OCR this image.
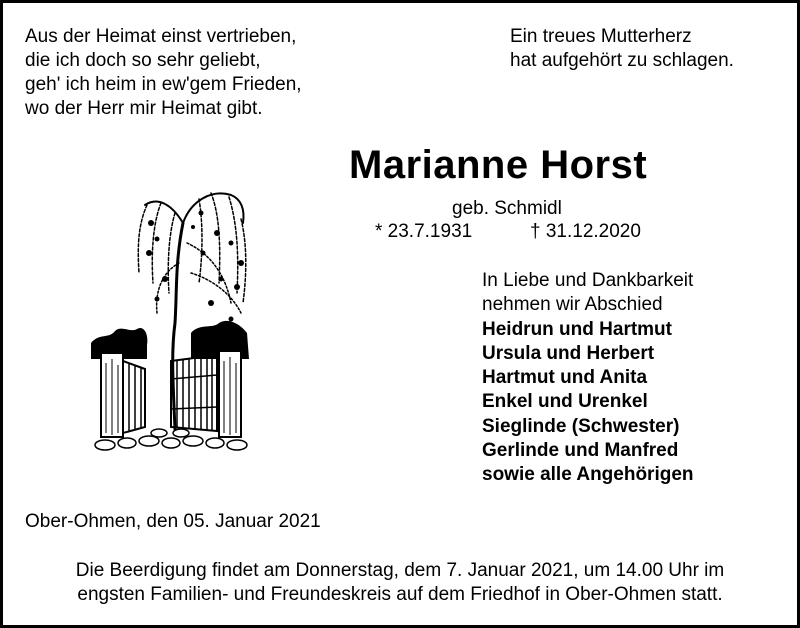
Aus der Heimat einst vertrieben,
die ich doch so sehr geliebt,
geh' ich heim in ew'gem Frieden,
wo der Herr mir Heimat gibt.
Ein treues Mutterherz
hat aufgehört zu schlagen.
Marianne Horst
geb. Schmidl
* 23.7.1931	† 31.12.2020
In Liebe und Dankbarkeit
nehmen wir Abschied
Heidrun und Hartmut
Ursula und Herbert
Hartmut und Anita
Enkel und Urenkel
Sieglinde (Schwester)
Gerlinde und Manfred
sowie alle Angehörigen
Ober-Ohmen, den 05. Januar 2021
Die Beerdigung findet am Donnerstag, dem 7. Januar 2021, um 14.00 Uhr im
engsten Familien- und Freundeskreis auf dem Friedhof in Ober-Ohmen statt.
